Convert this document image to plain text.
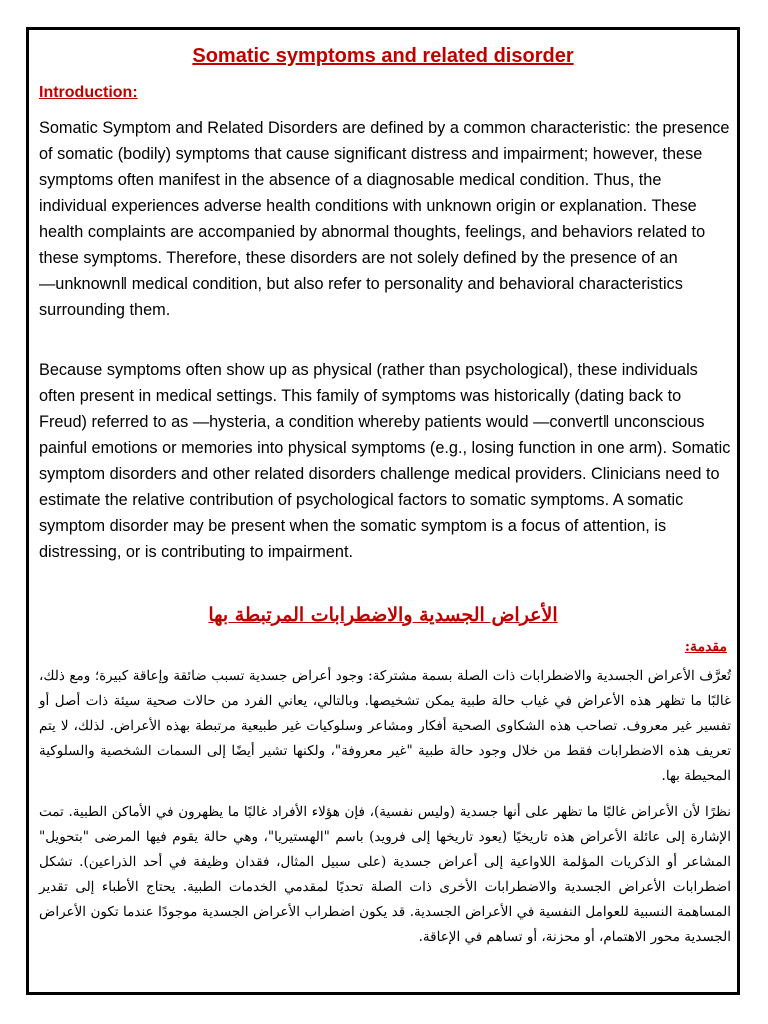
Somatic symptoms and related disorder
Introduction:

Somatic Symptom and Related Disorders are defined by a common characteristic: the presence of somatic (bodily) symptoms that cause significant distress and impairment; however, these symptoms often manifest in the absence of a diagnosable medical condition. Thus, the individual experiences adverse health conditions with unknown origin or explanation. These health complaints are accompanied by abnormal thoughts, feelings, and behaviors related to these symptoms. Therefore, these disorders are not solely defined by the presence of an ―unknown‖ medical condition, but also refer to personality and behavioral characteristics surrounding them.

Because symptoms often show up as physical (rather than psychological), these individuals often present in medical settings. This family of symptoms was historically (dating back to Freud) referred to as ―hysteria, a condition whereby patients would ―convert‖ unconscious painful emotions or memories into physical symptoms (e.g., losing function in one arm). Somatic symptom disorders and other related disorders challenge medical providers. Clinicians need to estimate the relative contribution of psychological factors to somatic symptoms. A somatic symptom disorder may be present when the somatic symptom is a focus of attention, is distressing, or is contributing to impairment.

الأعراض الجسدية والاضطرابات المرتبطة بها
مقدمة:

تُعرَّف الأعراض الجسدية والاضطرابات ذات الصلة بسمة مشتركة: وجود أعراض جسدية تسبب ضائقة وإعاقة كبيرة؛ ومع ذلك، غالبًا ما تظهر هذه الأعراض في غياب حالة طبية يمكن تشخيصها. وبالتالي، يعاني الفرد من حالات صحية سيئة ذات أصل أو تفسير غير معروف. تصاحب هذه الشكاوى الصحية أفكار ومشاعر وسلوكيات غير طبيعية مرتبطة بهذه الأعراض. لذلك، لا يتم تعريف هذه الاضطرابات فقط من خلال وجود حالة طبية "غير معروفة"، ولكنها تشير أيضًا إلى السمات الشخصية والسلوكية المحيطة بها.

نظرًا لأن الأعراض غالبًا ما تظهر على أنها جسدية (وليس نفسية)، فإن هؤلاء الأفراد غالبًا ما يظهرون في الأماكن الطبية. تمت الإشارة إلى عائلة الأعراض هذه تاريخيًا (يعود تاريخها إلى فرويد) باسم "الهستيريا"، وهي حالة يقوم فيها المرضى "بتحويل" المشاعر أو الذكريات المؤلمة اللاواعية إلى أعراض جسدية (على سبيل المثال، فقدان وظيفة في أحد الذراعين). تشكل اضطرابات الأعراض الجسدية والاضطرابات الأخرى ذات الصلة تحديًا لمقدمي الخدمات الطبية. يحتاج الأطباء إلى تقدير المساهمة النسبية للعوامل النفسية في الأعراض الجسدية. قد يكون اضطراب الأعراض الجسدية موجودًا عندما تكون الأعراض الجسدية محور الاهتمام، أو محزنة، أو تساهم في الإعاقة.
